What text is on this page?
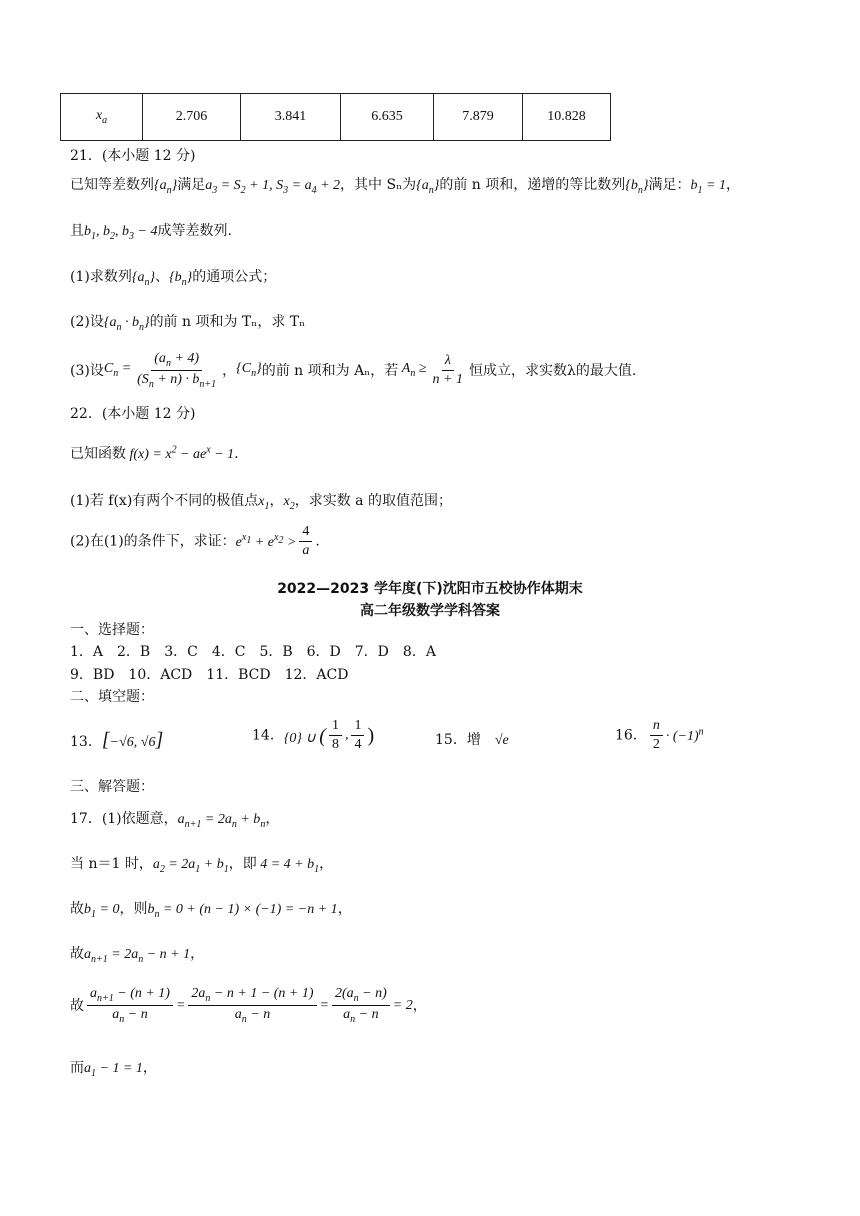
$x_a$	2.706	3.841	6.635	7.879	10.828
21．(本小题 12 分)
已知等差数列$\{a_n\}$满足$a_3 = S_2 + 1$, $S_3 = a_4 + 2$，其中 Sₙ为$\{a_n\}$的前 n 项和，递增的等比数列$\{b_n\}$满足：$b_1 = 1$，
且$b_1$, $b_2$, $b_3 - 4$成等差数列.
(1)求数列$\{a_n\}$、$\{b_n\}$的通项公式；
(2)设$\{a_n \cdot b_n\}$的前 n 项和为 Tₙ，求 Tₙ
(3)设$C_n = \frac{(a_n + 4)}{(S_n + n) \cdot b_{n+1}}$ ，$\{C_n\}$的前 n 项和为 Aₙ，若 $A_n \ge \frac{\lambda}{n + 1}$ 恒成立，求实数λ的最大值.
22．(本小题 12 分)
已知函数 $f(x) = x^2 - ae^x - 1$.
(1)若 f(x)有两个不同的极值点$x_1$，$x_2$，求实数 a 的取值范围；
(2)在(1)的条件下，求证：$e^{x_1} + e^{x_2} > \frac{4}{a}$ .
2022—2023 学年度(下)沈阳市五校协作体期末
高二年级数学学科答案
一、选择题：
1．A　2．B　3．C　4．C　5．B　6．D　7．D　8．A
9．BD　10．ACD　11．BCD　12．ACD
二、填空题：
13．[−√6, √6]	14．{0} ∪ ( $\frac{1}{8}$ , $\frac{1}{4}$ )	15．增　√e	16． $\frac{n}{2} \cdot (-1)^n$
三、解答题：
17．(1)依题意，$a_{n+1} = 2a_n + b_n$，
当 n＝1 时，$a_2 = 2a_1 + b_1$，即 $4 = 4 + b_1$，
故$b_1 = 0$，则$b_n = 0 + (n - 1) \times (-1) = -n + 1$，
故$a_{n+1} = 2a_n - n + 1$，
故 $\frac{a_{n+1} - (n + 1)}{a_n - n} = \frac{2a_n - n + 1 - (n + 1)}{a_n - n} = \frac{2(a_n - n)}{a_n - n} = 2$，
而$a_1 - 1 = 1$，
